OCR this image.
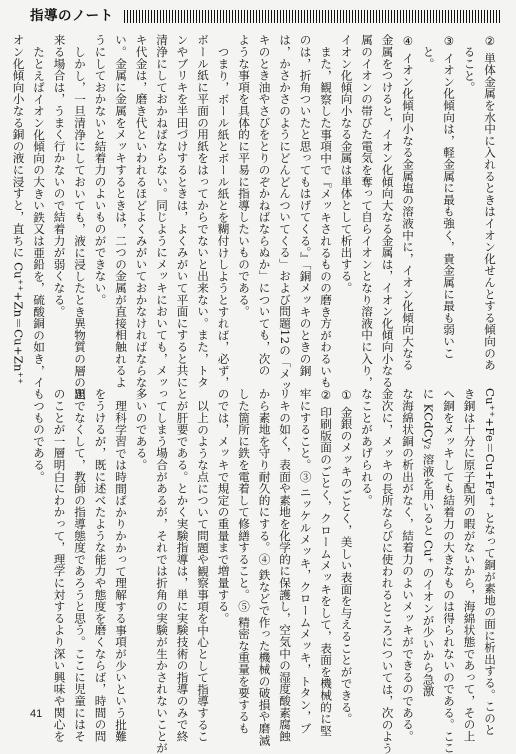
指導のノート

② 単体金属を水中に入れるときはイオン化せんとする傾向のあ

ること。

③ イオン化傾向は，軽金属に最も強く，貴金属に最も弱いこ

と。

④ イオン化傾向小なる金属塩の溶液中に，イオン化傾向大なる

金属をつけると，イオン化傾向大なる金属は，イオン化傾向小なる金

属のイオンの帯びた電気を奪って自らイオンとなり溶液中に入り，

イオン化傾向小なる金属は単体として析出する。

また，観察した事項中で『メッキされるものの磨き方がわるいも

のは，折角ついたと思ってもはげてくる。』「銅メッキのときの銅

は，かさかさのようにどんどんついてくる」および問題12の「メッ

キのとき油やさびをとりのぞかねばならぬか」についても，次の

ような事項を具体的に平易に指導したいものである。

つまり，ボール紙とボール紙とを糊付けしようとすれば，必ず，

ボール紙に平面の用紙をはってからでないと出来ない。また，トタ

ンやブリキを半田づけするときは，よくみがいて平面にすると共に

清浄にしておかねばならない。同じようにメッキにおいても，メッ

キ代金は，磨き代といわれるほどよくみがいておかなければならな

い。金属に金属をメッキするときは，二つの金属が直接相触れるよ

うにしておかないと結着力のよいものができない。

しかし，一旦清浄にしておいても，液に浸したとき異物質の層の出

来る場合は，うまく行かないので結着力が弱くなる。

たとえばイオン化傾向の大きい鉄又は亜鉛を，硫酸銅の如き，イ

オン化傾向小なる銅の液に浸すと，直ちに Cu⁺⁺+Zn＝Cu+Zn⁺⁺

Cu⁺⁺+Fe＝Cu+Fe⁺⁺ となって銅が素地の面に析出する。このと

き銅は十分に原子配列の暇がないから，海綿状態であって，その上

へ銅をメッキしても結着力の大きなものは得られないのである。ここ

に KCdCy₂ 溶液を用いると Cu⁺ のイオンが少いから急激

な海綿状銅の析出がなく，結着力のよいメッキができるのである。

次に，メッキの長所ならびに使われるところについては，次のよう

なことがあげられる。

① 金銀のメッキのごとく，美しい表面を与えることができる。

② 印刷版面のごとく，クロームメッキをして，表面を機械的に堅

牢にすること。③ ニッケルメッキ，クロームメッキ，トタン，ブ

リキの如く，表面や素地を化学的に保護し，空気中の湿度酸素腐蝕

から素地を守り耐久的にする。④ 鉄などで作った機械の破損や磨滅

した箇所に鉄を電着して修繕すること。⑤ 精密な重量を要するも

のでは，メッキで規定の重量まで増量する。

以上のような点について問題や観察事項を中心として指導するこ

とが肝要である。とかく実験指導は，単に実験技術の指導のみで終

ってしまう場合があるが，それでは折角の実験が生かされないことが

多いのである。

理科学習では時間ばかりかかって理解する事項が少いという批難

をうけるが，既に述べたような能力や態度を磨くならば，時間の問

題でなくして，教師の指導態度であろうと思う。ここに児童にはそ

のことが一層明白にわかって，理学に対するより深い興味や関心を

もつものである。

41
